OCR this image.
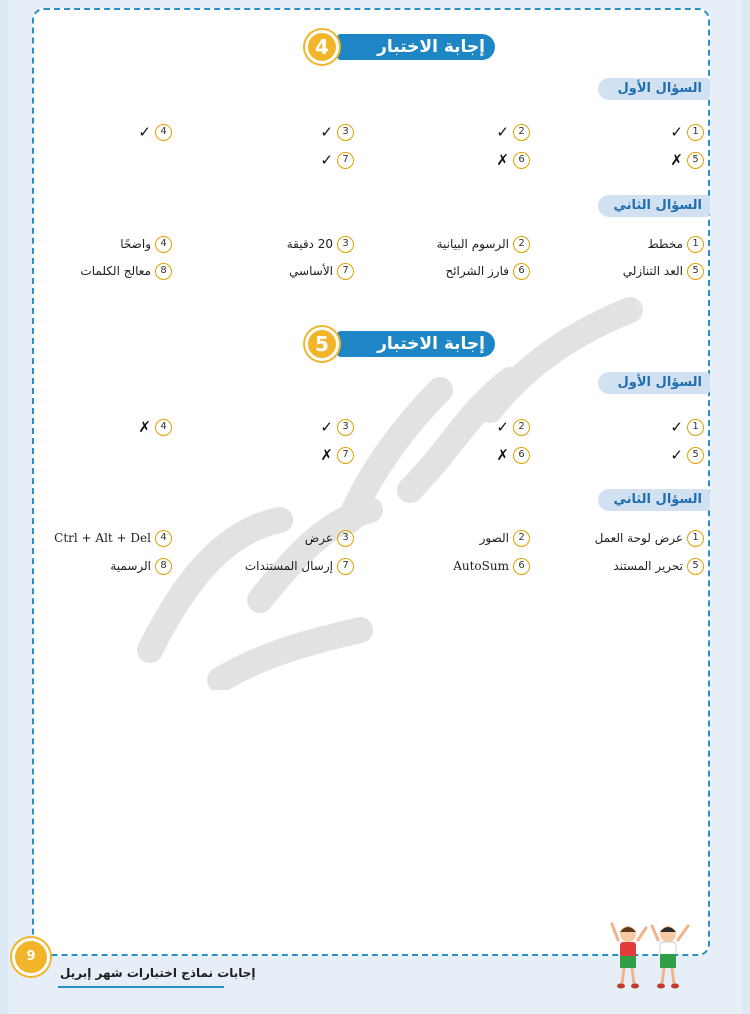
إجابة الاختبار
4
السؤال الأول
1
✓
2
✓
3
✓
4
✓
5
✗
6
✗
7
✓
السؤال الثاني
1
مخطط
2
الرسوم البيانية
3
20 دقيقة
4
واضحًا
5
العد التنازلي
6
فارز الشرائح
7
الأساسي
8
معالج الكلمات
إجابة الاختبار
5
السؤال الأول
1
✓
2
✓
3
✓
4
✗
5
✓
6
✗
7
✗
السؤال الثاني
1
عرض لوحة العمل
2
الصور
3
عرض
4
Ctrl + Alt + Del
5
تحرير المستند
6
AutoSum
7
إرسال المستندات
8
الرسمية
9
إجابات نماذج اختبارات شهر إبريل
